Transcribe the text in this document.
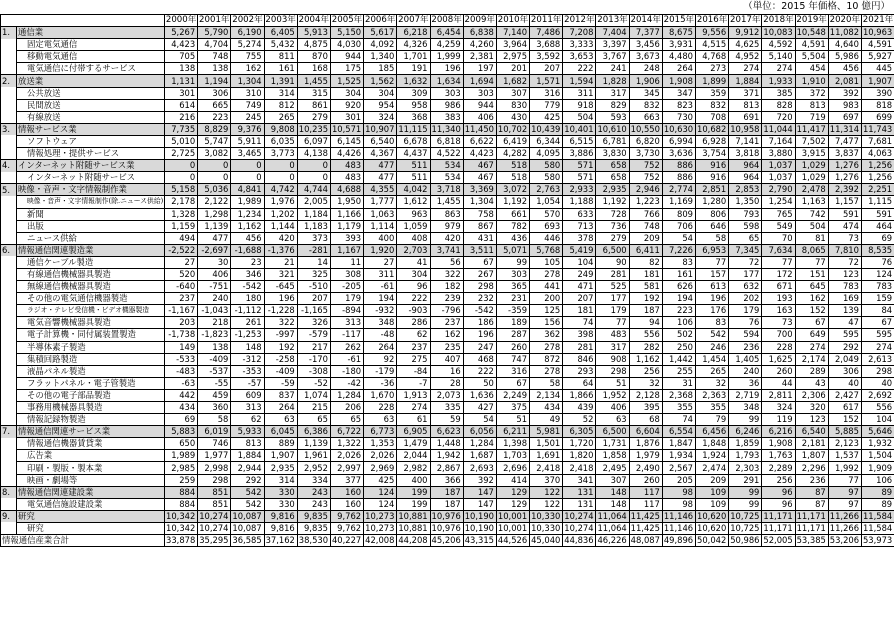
（単位：2015 年価格、10 億円）
		2000年	2001年	2002年	2003年	2004年	2005年	2006年	2007年	2008年	2009年	2010年	2011年	2012年	2013年	2014年	2015年	2016年	2017年	2018年	2019年	2020年	2021年
1.	通信業	5,267	5,790	6,190	6,405	5,913	5,150	5,617	6,218	6,454	6,838	7,140	7,486	7,208	7,404	7,377	8,675	9,556	9,912	10,083	10,548	11,082	10,963
	固定電気通信	4,423	4,704	5,274	5,432	4,875	4,030	4,092	4,326	4,259	4,260	3,964	3,688	3,333	3,397	3,456	3,931	4,515	4,625	4,592	4,591	4,640	4,591
	移動電気通信	705	748	755	811	870	944	1,340	1,701	1,999	2,381	2,975	3,592	3,653	3,767	3,673	4,480	4,768	4,952	5,140	5,504	5,986	5,927
	電気通信に付帯するサービス	138	138	162	161	168	175	185	191	196	197	201	207	222	241	248	264	273	274	274	454	456	445
2.	放送業	1,131	1,194	1,304	1,391	1,455	1,525	1,562	1,632	1,634	1,694	1,682	1,571	1,594	1,828	1,906	1,908	1,899	1,884	1,933	1,910	2,081	1,907
	公共放送	301	306	310	314	315	304	304	309	303	303	307	316	311	317	345	347	359	371	385	372	392	390
	民間放送	614	665	749	812	861	920	954	958	986	944	830	779	918	829	832	823	832	813	828	813	983	818
	有線放送	216	223	245	265	279	301	324	368	383	406	430	425	504	593	663	730	708	691	720	719	697	699
3.	情報サービス業	7,735	8,829	9,376	9,808	10,235	10,571	10,907	11,115	11,340	11,450	10,702	10,439	10,401	10,610	10,550	10,630	10,682	10,958	11,044	11,417	11,314	11,743
	ソフトウェア	5,010	5,747	5,911	6,035	6,097	6,145	6,540	6,678	6,818	6,622	6,419	6,344	6,515	6,781	6,820	6,994	6,928	7,141	7,164	7,502	7,477	7,681
	情報処理・提供サービス	2,725	3,082	3,465	3,773	4,138	4,426	4,367	4,437	4,522	4,423	4,282	4,095	3,886	3,830	3,730	3,636	3,754	3,818	3,880	3,915	3,837	4,063
4.	インターネット附随サービス業	0	0	0	0	0	483	477	511	534	467	518	580	571	658	752	886	916	964	1,037	1,029	1,276	1,256
	インターネット附随サービス	0	0	0	0	0	483	477	511	534	467	518	580	571	658	752	886	916	964	1,037	1,029	1,276	1,256
5.	映像・音声・文字情報制作業	5,158	5,036	4,841	4,742	4,744	4,688	4,355	4,042	3,718	3,369	3,072	2,763	2,933	2,935	2,946	2,774	2,851	2,853	2,790	2,478	2,392	2,251
	映像・音声・文字情報制作(除.ニュース供給)	2,178	2,122	1,989	1,976	2,005	1,950	1,777	1,612	1,455	1,304	1,192	1,054	1,188	1,192	1,223	1,169	1,280	1,350	1,254	1,163	1,157	1,115
	新聞	1,328	1,298	1,234	1,202	1,184	1,166	1,063	963	863	758	661	570	633	728	766	809	806	793	765	742	591	591
	出版	1,159	1,139	1,162	1,144	1,183	1,179	1,114	1,059	979	867	782	693	713	736	748	706	646	598	549	504	474	464
	ニュース供給	494	477	456	420	373	393	400	408	420	431	436	446	378	279	209	54	58	65	70	81	73	69
6.	情報通信関連製造業	-2,522	-2,697	-1,688	-1,376	-281	1,167	1,920	2,703	3,741	3,511	5,071	5,768	5,419	6,500	6,411	7,226	6,953	7,345	7,634	8,065	7,810	8,535
	通信ケーブル製造	27	30	23	21	14	11	27	41	56	67	99	105	104	90	82	83	77	72	77	77	72	76
	有線通信機械器具製造	520	406	346	321	325	308	311	304	322	267	303	278	249	281	181	161	157	177	172	151	123	124
	無線通信機械器具製造	-640	-751	-542	-645	-510	-205	-61	96	182	298	365	441	471	525	581	626	613	632	671	645	783	783
	その他の電気通信機器製造	237	240	180	196	207	179	194	222	239	232	231	200	207	177	192	194	196	202	193	162	169	159
	ラジオ・テレビ受信機・ビデオ機器製造	-1,167	-1,043	-1,112	-1,228	-1,165	-894	-932	-903	-796	-542	-359	125	181	179	187	223	176	179	163	152	139	84
	電気音響機械器具製造	203	218	261	322	326	313	348	286	237	186	189	156	74	77	94	106	83	76	73	67	47	67
	電子計算機・同付属装置製造	-1,738	-1,823	-1,253	-997	-579	-117	-48	62	162	196	287	362	398	483	556	502	542	594	700	649	595	595
	半導体素子製造	149	138	148	192	217	262	264	237	235	247	260	278	281	317	282	250	246	236	228	274	292	274
	集積回路製造	-533	-409	-312	-258	-170	-61	92	275	407	468	747	872	846	908	1,162	1,442	1,454	1,405	1,625	2,174	2,049	2,613
	液晶パネル製造	-483	-537	-353	-409	-308	-180	-179	-84	16	222	316	278	293	298	256	255	265	240	260	289	306	298
	フラットパネル・電子管製造	-63	-55	-57	-59	-52	-42	-36	-7	28	50	67	58	64	51	32	31	32	36	44	43	40	40
	その他の電子部品製造	442	459	609	837	1,074	1,284	1,670	1,913	2,073	1,636	2,249	2,134	1,866	1,952	2,128	2,368	2,363	2,719	2,811	2,306	2,427	2,692
	事務用機械器具製造	434	360	313	264	215	206	228	274	335	427	375	434	439	406	395	355	355	348	324	320	617	556
	情報記録物製造	69	58	62	63	65	65	63	61	59	54	51	49	52	63	68	74	79	99	119	123	152	104
7.	情報通信関連サービス業	5,883	6,019	5,933	6,045	6,386	6,722	6,773	6,905	6,623	6,056	6,211	5,981	6,305	6,500	6,604	6,554	6,456	6,246	6,216	6,540	5,885	5,646
	情報通信機器賃貸業	650	746	813	889	1,139	1,322	1,353	1,479	1,448	1,284	1,398	1,501	1,720	1,731	1,876	1,847	1,848	1,859	1,908	2,181	2,123	1,932
	広告業	1,989	1,977	1,884	1,907	1,961	2,026	2,026	2,044	1,942	1,687	1,703	1,691	1,820	1,858	1,979	1,934	1,924	1,793	1,763	1,807	1,537	1,504
	印刷・製版・製本業	2,985	2,998	2,944	2,935	2,952	2,997	2,969	2,982	2,867	2,693	2,696	2,418	2,418	2,495	2,490	2,567	2,474	2,303	2,289	2,296	1,992	1,909
	映画・劇場等	259	298	292	314	334	377	425	400	366	392	414	370	341	307	260	205	209	291	256	236	77	106
8.	情報通信関連建設業	884	851	542	330	243	160	124	199	187	147	129	122	131	148	117	98	109	99	96	87	97	89
	電気通信施設建設業	884	851	542	330	243	160	124	199	187	147	129	122	131	148	117	98	109	99	96	87	97	89
9.	研究	10,342	10,274	10,087	9,816	9,835	9,762	10,273	10,881	10,976	10,190	10,001	10,330	10,274	11,064	11,425	11,146	10,620	10,725	11,171	11,171	11,266	11,584
	研究	10,342	10,274	10,087	9,816	9,835	9,762	10,273	10,881	10,976	10,190	10,001	10,330	10,274	11,064	11,425	11,146	10,620	10,725	11,171	11,171	11,266	11,584
情報通信産業合計		33,878	35,295	36,585	37,162	38,530	40,227	42,008	44,208	45,206	43,315	44,526	45,040	44,836	46,226	48,087	49,896	50,042	50,986	52,005	53,385	53,206	53,973
